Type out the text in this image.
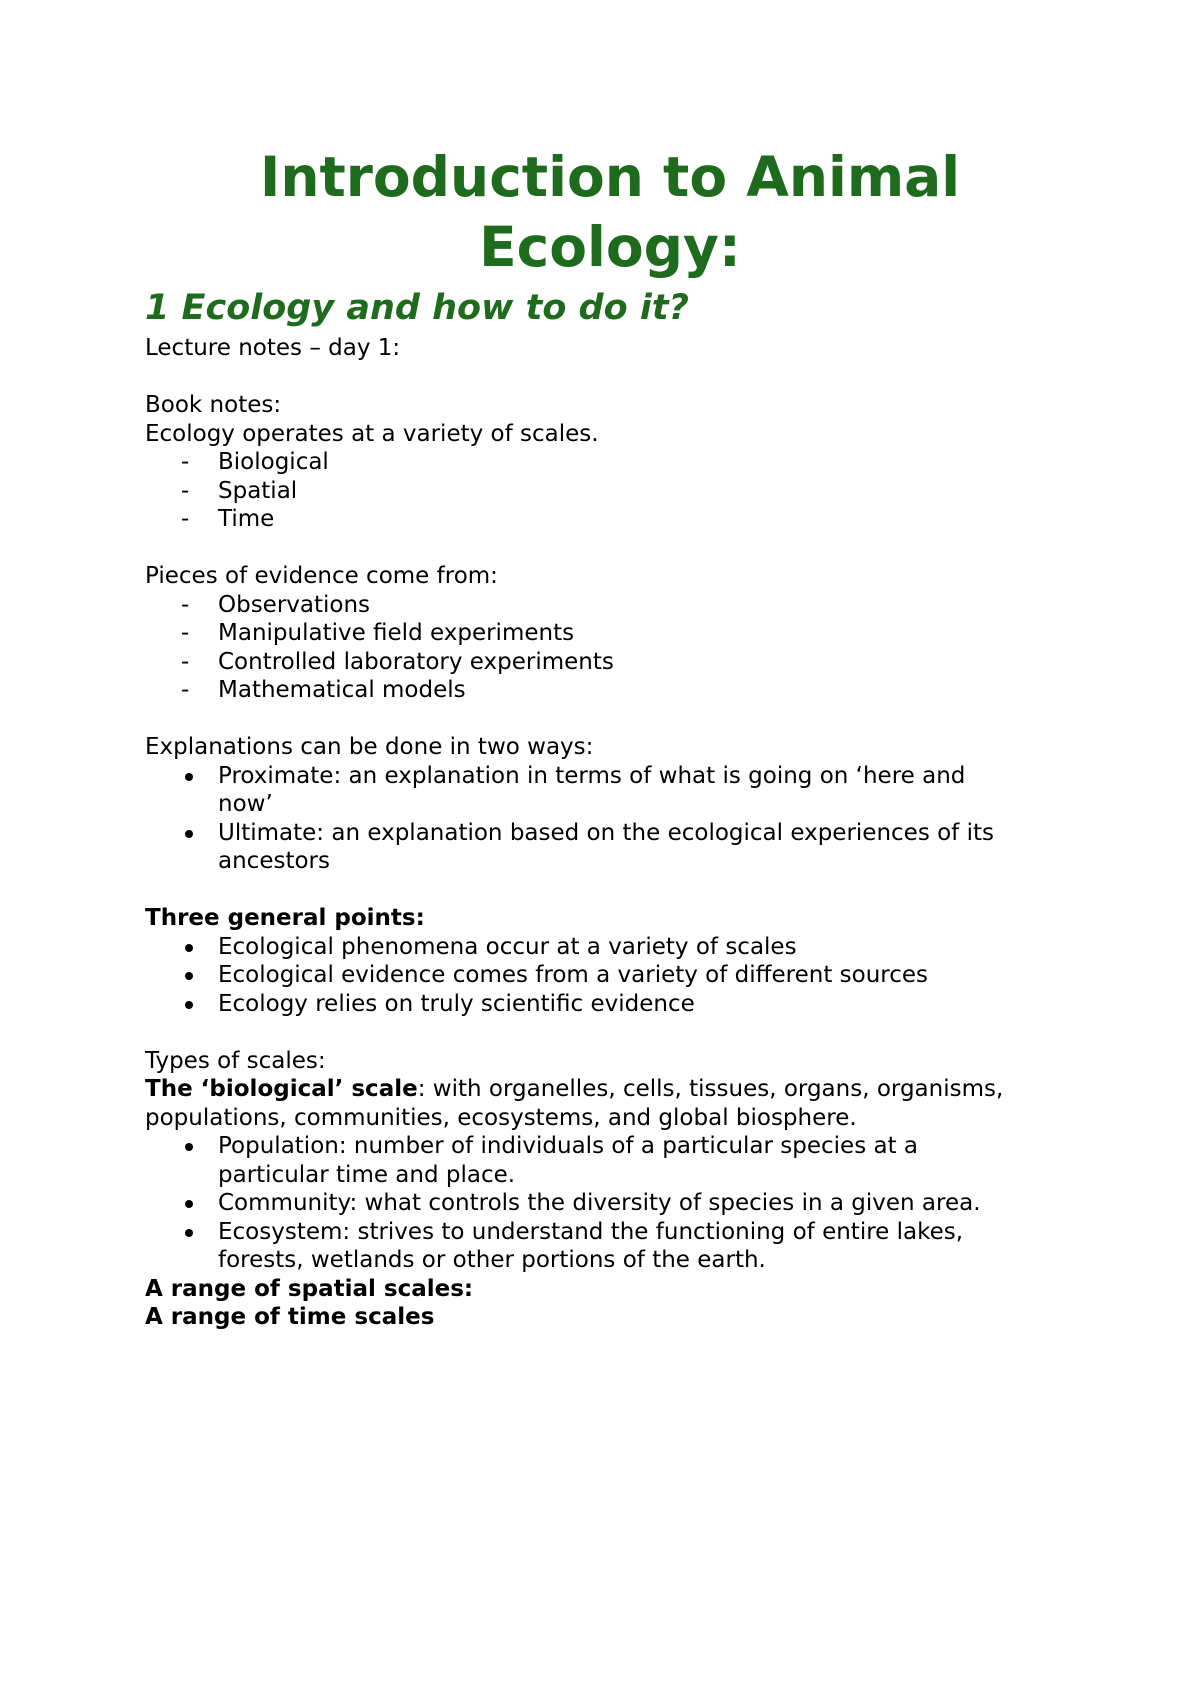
Introduction to Animal
Ecology:
1 Ecology and how to do it?
Lecture notes – day 1:
Book notes:
Ecology operates at a variety of scales.
-	Biological
-	Spatial
-	Time
Pieces of evidence come from:
-	Observations
-	Manipulative field experiments
-	Controlled laboratory experiments
-	Mathematical models
Explanations can be done in two ways:
Proximate: an explanation in terms of what is going on ‘here and
now’
Ultimate: an explanation based on the ecological experiences of its
ancestors
Three general points:
Ecological phenomena occur at a variety of scales
Ecological evidence comes from a variety of different sources
Ecology relies on truly scientific evidence
Types of scales:
The ‘biological’ scale: with organelles, cells, tissues, organs, organisms,
populations, communities, ecosystems, and global biosphere.
Population: number of individuals of a particular species at a
particular time and place.
Community: what controls the diversity of species in a given area.
Ecosystem: strives to understand the functioning of entire lakes,
forests, wetlands or other portions of the earth.
A range of spatial scales:
A range of time scales
